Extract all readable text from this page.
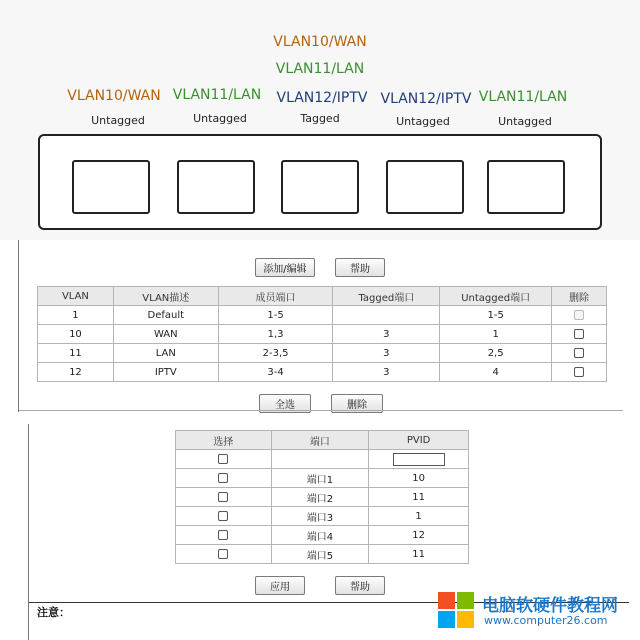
VLAN10/WAN
VLAN11/LAN
VLAN10/WAN VLAN11/LAN VLAN12/IPTV VLAN12/IPTV VLAN11/LAN
Untagged	Untagged	Tagged	Untagged	Untagged
添加/编辑	帮助
VLAN	VLAN描述	成员端口	Tagged端口	Untagged端口	删除
1	Default	1-5		1-5	
10	WAN	1,3	3	1	
11	LAN	2-3,5	3	2,5	
12	IPTV	3-4	3	4	
全选	删除
选择	端口	PVID

	端口1	10
	端口2	11
	端口3	1
	端口4	12
	端口5	11
应用	帮助
注意：	电脑软硬件教程网
www.computer26.com
